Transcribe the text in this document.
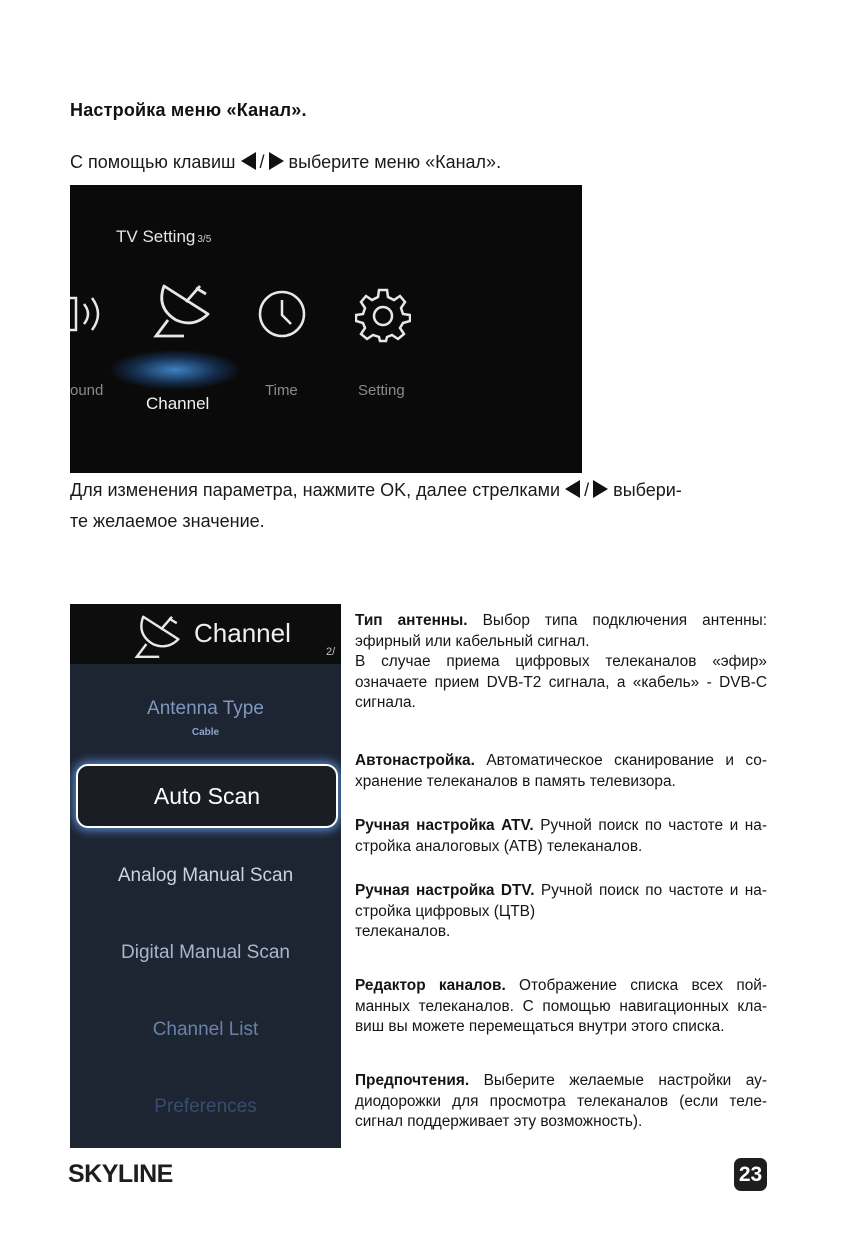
Настройка меню «Канал».
С помощью клавиш / выберите меню «Канал».
TV Setting 3/5
ound
Channel
Time	Setting
Для изменения параметра, нажмите OK, далее стрелками / выбери-
те желаемое значение.
Channel
2/
Antenna Type
Cable
Auto Scan
Analog Manual Scan
Digital Manual Scan
Channel List
Preferences
Тип антенны. Выбор типа подключения антенны: эфирный или кабельный сигнал.
В случае приема цифровых телеканалов «эфир» означаете прием DVB-T2 сигнала, а «кабель» - DVB-C сигнала.
Автонастройка. Автоматическое сканирование и со-хранение телеканалов в память телевизора.
Ручная настройка ATV. Ручной поиск по частоте и на-стройка аналоговых (АТВ) телеканалов.
Ручная настройка DTV. Ручной поиск по частоте и на-стройка цифровых (ЦТВ)
телеканалов.
Редактор каналов. Отображение списка всех пой-манных телеканалов. С помощью навигационных кла-виш вы можете перемещаться внутри этого списка.
Предпочтения. Выберите желаемые настройки ау-диодорожки для просмотра телеканалов (если теле-сигнал поддерживает эту возможность).
SKYLINE	23
